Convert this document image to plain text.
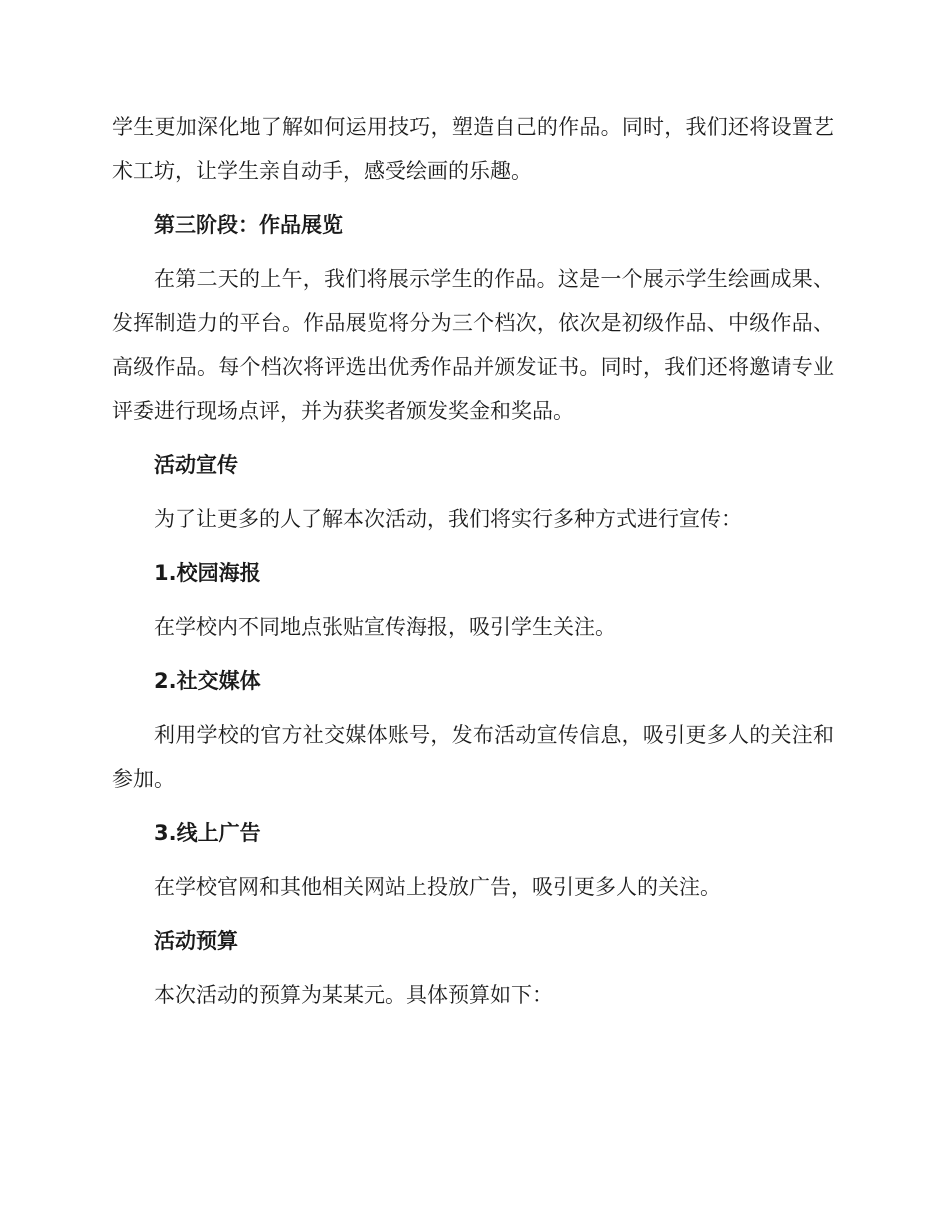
学生更加深化地了解如何运用技巧，塑造自己的作品。同时，我们还将设置艺术工坊，让学生亲自动手，感受绘画的乐趣。

第三阶段：作品展览

在第二天的上午，我们将展示学生的作品。这是一个展示学生绘画成果、发挥制造力的平台。作品展览将分为三个档次，依次是初级作品、中级作品、高级作品。每个档次将评选出优秀作品并颁发证书。同时，我们还将邀请专业评委进行现场点评，并为获奖者颁发奖金和奖品。

活动宣传

为了让更多的人了解本次活动，我们将实行多种方式进行宣传：

1.校园海报

在学校内不同地点张贴宣传海报，吸引学生关注。

2.社交媒体

利用学校的官方社交媒体账号，发布活动宣传信息，吸引更多人的关注和参加。

3.线上广告

在学校官网和其他相关网站上投放广告，吸引更多人的关注。

活动预算

本次活动的预算为某某元。具体预算如下：
